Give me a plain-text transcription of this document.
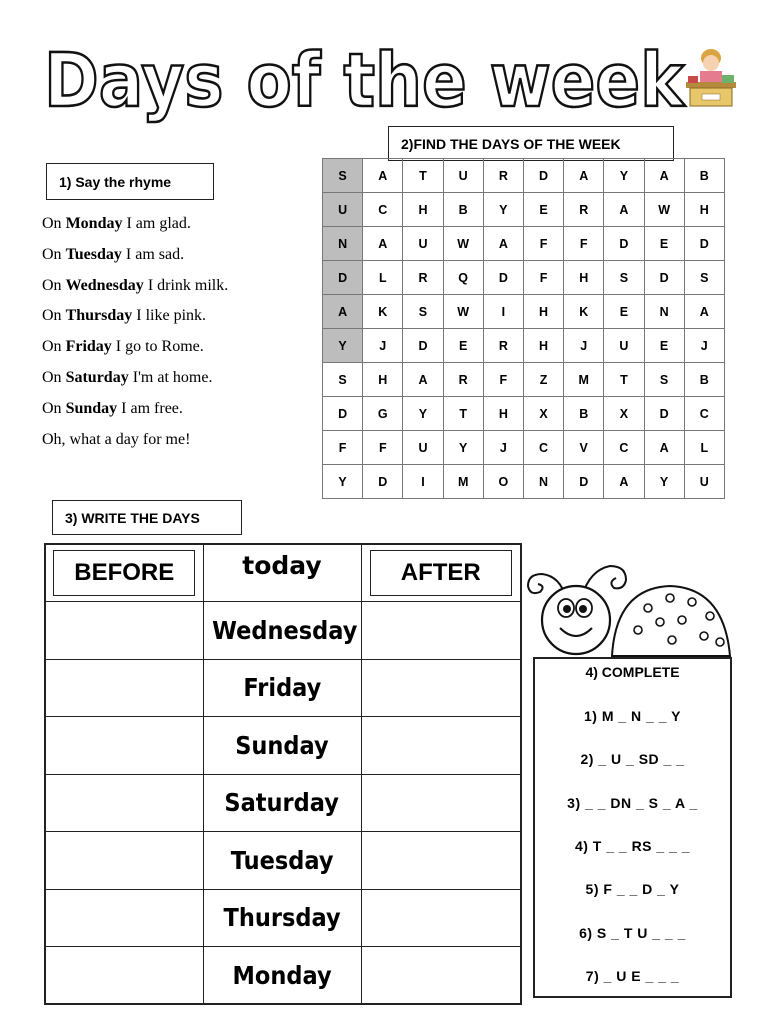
Days of the week
1) Say the rhyme
2)FIND THE DAYS OF THE WEEK
3) WRITE THE DAYS
On Monday I am glad.
On Tuesday I am sad.
On Wednesday I drink milk.
On Thursday I like pink.
On Friday I go to Rome.
On Saturday I'm at home.
On Sunday I am free.
Oh, what a day for me!
S	A	T	U	R	D	A	Y	A	B
U	C	H	B	Y	E	R	A	W	H
N	A	U	W	A	F	F	D	E	D
D	L	R	Q	D	F	H	S	D	S
A	K	S	W	I	H	K	E	N	A
Y	J	D	E	R	H	J	U	E	J
S	H	A	R	F	Z	M	T	S	B
D	G	Y	T	H	X	B	X	D	C
F	F	U	Y	J	C	V	C	A	L
Y	D	I	M	O	N	D	A	Y	U
BEFORE	today	AFTER
	Wednesday	
	Friday	
	Sunday	
	Saturday	
	Tuesday	
	Thursday	
	Monday	
4) COMPLETE
1) M _ N _ _ Y
2) _ U _ SD _ _
3) _ _ DN _ S _ A _
4) T _ _ RS _ _ _
5) F _ _ D _ Y
6) S _ T U _ _ _
7) _ U E _ _ _
